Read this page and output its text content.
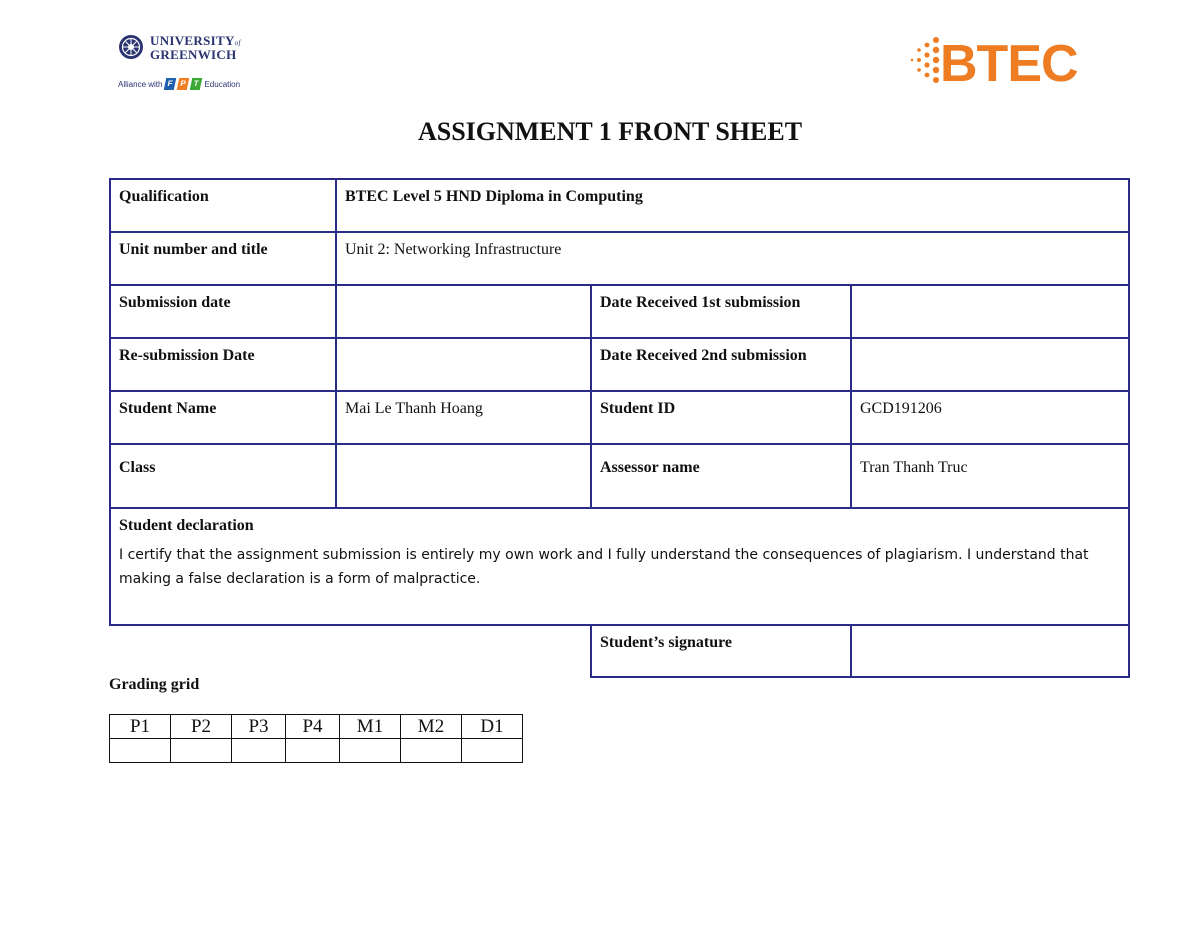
UNIVERSITYof
GREENWICH
Alliance with F P T Education	BTEC
ASSIGNMENT 1 FRONT SHEET
Qualification	BTEC Level 5 HND Diploma in Computing		
Unit number and title	Unit 2: Networking Infrastructure		
Submission date		Date Received 1st submission	
Re-submission Date		Date Received 2nd submission	
Student Name	Mai Le Thanh Hoang	Student ID	GCD191206
Class		Assessor name	Tran Thanh Truc

Student declaration
I certify that the assignment submission is entirely my own work and I fully understand the consequences of plagiarism. I understand that making a false declaration is a form of malpractice.			

		Student’s signature	
Grading grid
P1	P2	P3	P4	M1	M2	D1
